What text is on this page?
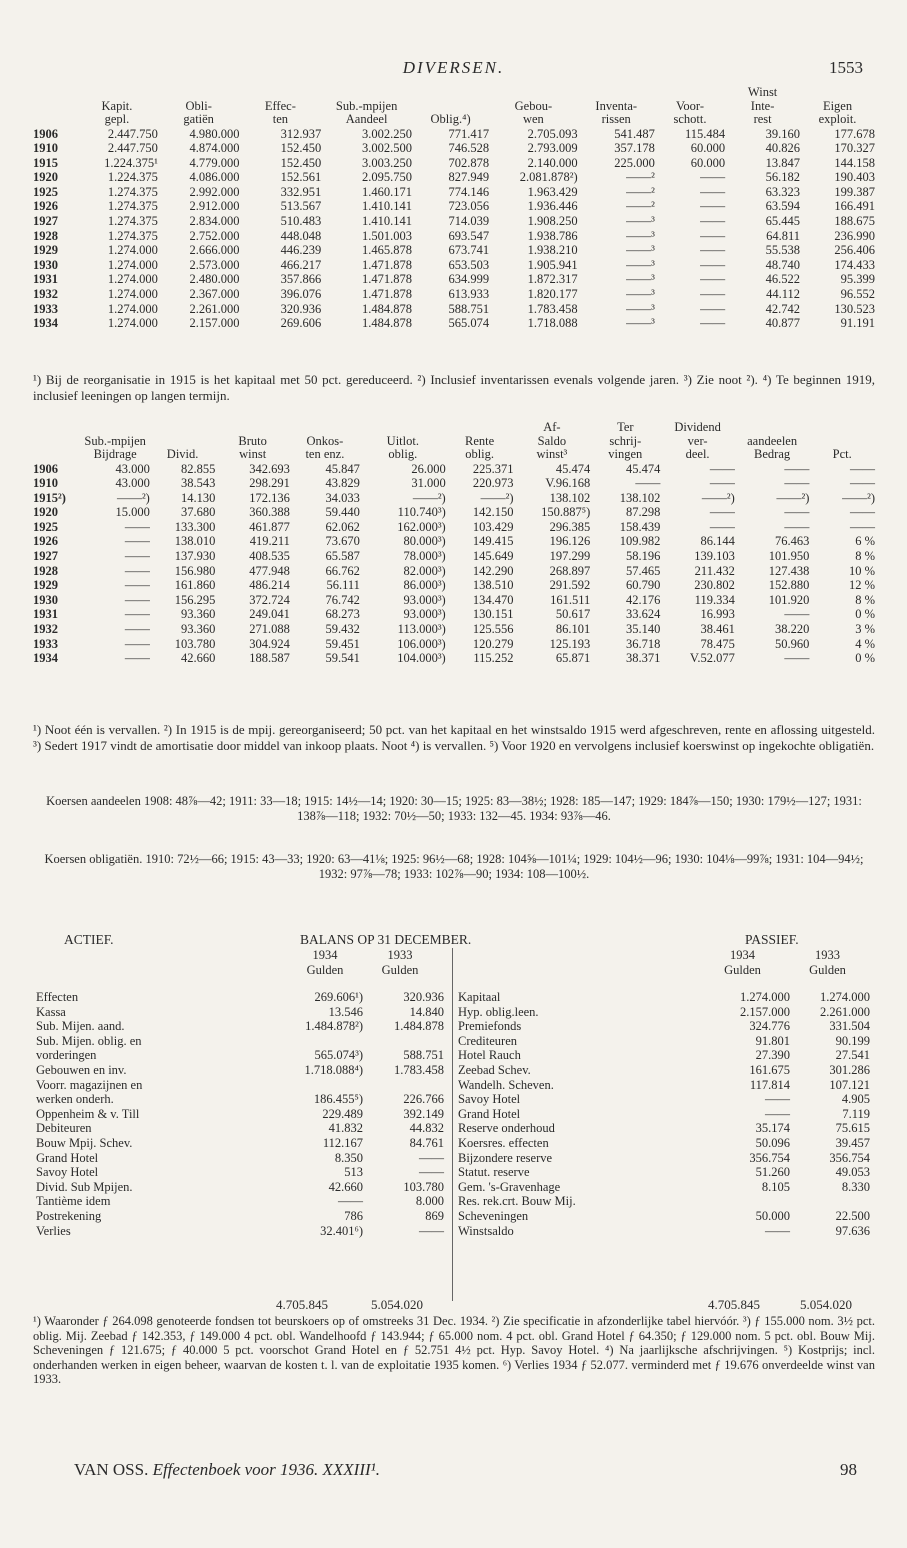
DIVERSEN.	1553
									Winst	
	Kapit.	Obli-	Effec-	Sub.-mpijen		Gebou-	Inventa-	Voor-	Inte-	Eigen
	gepl.	gatiën	ten	Aandeel	Oblig.⁴)	wen	rissen	schott.	rest	exploit.
1906	2.447.750	4.980.000	312.937	3.002.250	771.417	2.705.093	541.487	115.484	39.160	177.678
1910	2.447.750	4.874.000	152.450	3.002.500	746.528	2.793.009	357.178	60.000	40.826	170.327
1915	1.224.375¹	4.779.000	152.450	3.003.250	702.878	2.140.000	225.000	60.000	13.847	144.158
1920	1.224.375	4.086.000	152.561	2.095.750	827.949	2.081.878²)	——²	——	56.182	190.403
1925	1.274.375	2.992.000	332.951	1.460.171	774.146	1.963.429	——²	——	63.323	199.387
1926	1.274.375	2.912.000	513.567	1.410.141	723.056	1.936.446	——²	——	63.594	166.491
1927	1.274.375	2.834.000	510.483	1.410.141	714.039	1.908.250	——³	——	65.445	188.675
1928	1.274.375	2.752.000	448.048	1.501.003	693.547	1.938.786	——³	——	64.811	236.990
1929	1.274.000	2.666.000	446.239	1.465.878	673.741	1.938.210	——³	——	55.538	256.406
1930	1.274.000	2.573.000	466.217	1.471.878	653.503	1.905.941	——³	——	48.740	174.433
1931	1.274.000	2.480.000	357.866	1.471.878	634.999	1.872.317	——³	——	46.522	95.399
1932	1.274.000	2.367.000	396.076	1.471.878	613.933	1.820.177	——³	——	44.112	96.552
1933	1.274.000	2.261.000	320.936	1.484.878	588.751	1.783.458	——³	——	42.742	130.523
1934	1.274.000	2.157.000	269.606	1.484.878	565.074	1.718.088	——³	——	40.877	91.191
¹) Bij de reorganisatie in 1915 is het kapitaal met 50 pct. gereduceerd. ²) Inclusief inventarissen evenals volgende jaren. ³) Zie noot ²). ⁴) Te beginnen 1919, inclusief leeningen op langen termijn.
							Af-	Ter	Dividend		
	Sub.-mpijen		Bruto	Onkos-	Uitlot.	Rente	Saldo	schrij-	ver-	aandeelen	
	Bijdrage	Divid.	winst	ten enz.	oblig.	oblig.	winst³	vingen	deel.	Bedrag	Pct.
1906	43.000	82.855	342.693	45.847	26.000	225.371	45.474	45.474	——	——	——
1910	43.000	38.543	298.291	43.829	31.000	220.973	V.96.168	——	——	——	——
1915²)	——²)	14.130	172.136	34.033	——²)	——²)	138.102	138.102	——²)	——²)	——²)
1920	15.000	37.680	360.388	59.440	110.740³)	142.150	150.887⁵)	87.298	——	——	——
1925	——	133.300	461.877	62.062	162.000³)	103.429	296.385	158.439	——	——	——
1926	——	138.010	419.211	73.670	80.000³)	149.415	196.126	109.982	86.144	76.463	6 %
1927	——	137.930	408.535	65.587	78.000³)	145.649	197.299	58.196	139.103	101.950	8 %
1928	——	156.980	477.948	66.762	82.000³)	142.290	268.897	57.465	211.432	127.438	10 %
1929	——	161.860	486.214	56.111	86.000³)	138.510	291.592	60.790	230.802	152.880	12 %
1930	——	156.295	372.724	76.742	93.000³)	134.470	161.511	42.176	119.334	101.920	8 %
1931	——	93.360	249.041	68.273	93.000³)	130.151	50.617	33.624	16.993	——	0 %
1932	——	93.360	271.088	59.432	113.000³)	125.556	86.101	35.140	38.461	38.220	3 %
1933	——	103.780	304.924	59.451	106.000³)	120.279	125.193	36.718	78.475	50.960	4 %
1934	——	42.660	188.587	59.541	104.000³)	115.252	65.871	38.371	V.52.077	——	0 %
¹) Noot één is vervallen. ²) In 1915 is de mpij. gereorganiseerd; 50 pct. van het kapitaal en het winstsaldo 1915 werd afgeschreven, rente en aflossing uitgesteld. ³) Sedert 1917 vindt de amortisatie door middel van inkoop plaats. Noot ⁴) is vervallen. ⁵) Voor 1920 en vervolgens inclusief koerswinst op ingekochte obligatiën.
Koersen aandeelen 1908: 48⅞—42; 1911: 33—18; 1915: 14½—14; 1920: 30—15; 1925: 83—38½; 1928: 185—147; 1929: 184⅞—150; 1930: 179½—127; 1931: 138⅞—118; 1932: 70½—50; 1933: 132—45. 1934: 93⅞—46.
Koersen obligatiën. 1910: 72½—66; 1915: 43—33; 1920: 63—41⅛; 1925: 96½—68; 1928: 104⅝—101¼; 1929: 104½—96; 1930: 104⅛—99⅞; 1931: 104—94½; 1932: 97⅞—78; 1933: 102⅞—90; 1934: 108—100½.
ACTIEF.	BALANS OP 31 DECEMBER.	PASSIEF.
1934	1933
Gulden	Gulden
1934	1933
Gulden	Gulden
Effecten	269.606¹)	320.936
Kassa	13.546	14.840
Sub. Mijen. aand.	1.484.878²)	1.484.878
Sub. Mijen. oblig. en		
vorderingen	565.074³)	588.751
Gebouwen en inv.	1.718.088⁴)	1.783.458
Voorr. magazijnen en		
werken onderh.	186.455⁵)	226.766
Oppenheim & v. Till	229.489	392.149
Debiteuren	41.832	44.832
Bouw Mpij. Schev.	112.167	84.761
Grand Hotel	8.350	——
Savoy Hotel	513	——
Divid. Sub Mpijen.	42.660	103.780
Tantième idem	——	8.000
Postrekening	786	869
Verlies	32.401⁶)	——
Kapitaal	1.274.000	1.274.000
Hyp. oblig.leen.	2.157.000	2.261.000
Premiefonds	324.776	331.504
Crediteuren	91.801	90.199
Hotel Rauch	27.390	27.541
Zeebad Schev.	161.675	301.286
Wandelh. Scheven.	117.814	107.121
Savoy Hotel	——	4.905
Grand Hotel	——	7.119
Reserve onderhoud	35.174	75.615
Koersres. effecten	50.096	39.457
Bijzondere reserve	356.754	356.754
Statut. reserve	51.260	49.053
Gem. 's-Gravenhage	8.105	8.330
Res. rek.crt. Bouw Mij.		
Scheveningen	50.000	22.500
Winstsaldo	——	97.636
4.705.845	5.054.020	4.705.845	5.054.020
¹) Waaronder ƒ 264.098 genoteerde fondsen tot beurskoers op of omstreeks 31 Dec. 1934. ²) Zie specificatie in afzonderlijke tabel hiervóór. ³) ƒ 155.000 nom. 3½ pct. oblig. Mij. Zeebad ƒ 142.353, ƒ 149.000 4 pct. obl. Wandelhoofd ƒ 143.944; ƒ 65.000 nom. 4 pct. obl. Grand Hotel ƒ 64.350; ƒ 129.000 nom. 5 pct. obl. Bouw Mij. Scheveningen ƒ 121.675; ƒ 40.000 5 pct. voorschot Grand Hotel en ƒ 52.751 4½ pct. Hyp. Savoy Hotel. ⁴) Na jaarlijksche afschrijvingen. ⁵) Kostprijs; incl. onderhanden werken in eigen beheer, waarvan de kosten t. l. van de exploitatie 1935 komen. ⁶) Verlies 1934 ƒ 52.077. verminderd met ƒ 19.676 onverdeelde winst van 1933.
VAN OSS. Effectenboek voor 1936. XXXIII¹.	98
